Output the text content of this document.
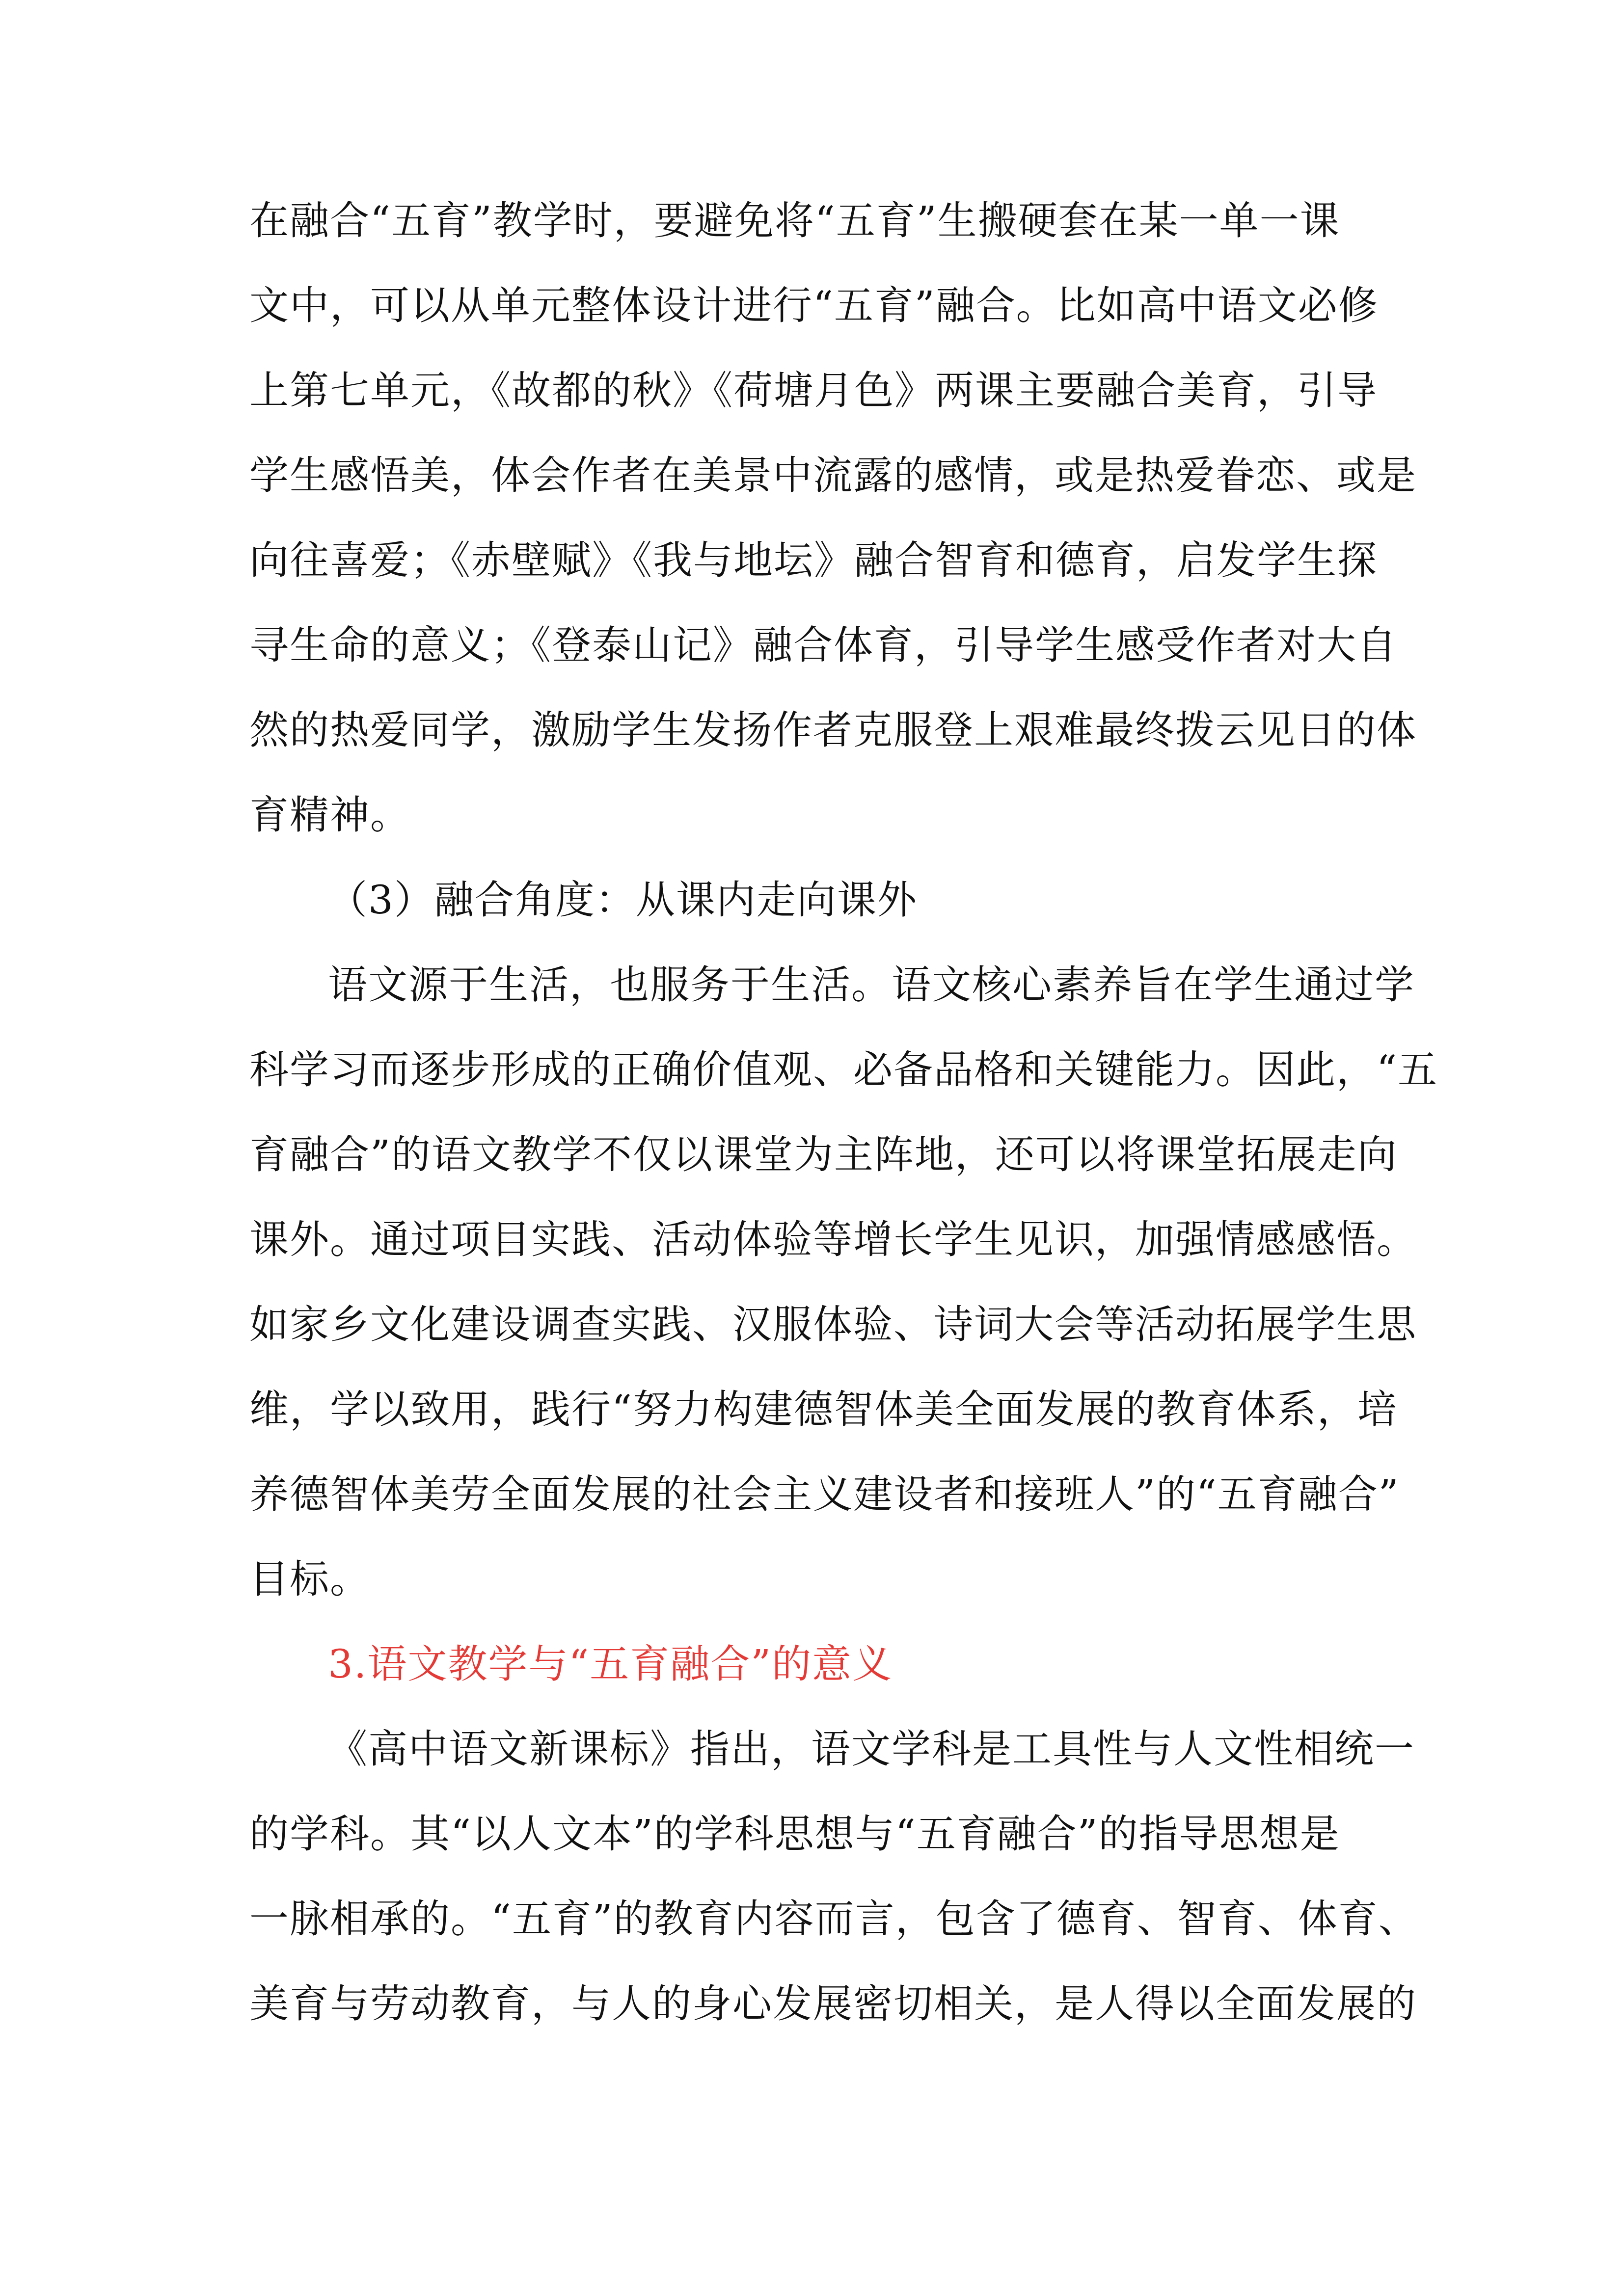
在融合“五育”教学时，要避免将“五育”生搬硬套在某一单一课
文中，可以从单元整体设计进行“五育”融合。比如高中语文必修
上第七单元，《故都的秋》《荷塘月色》两课主要融合美育，引导
学生感悟美，体会作者在美景中流露的感情，或是热爱眷恋、或是
向往喜爱；《赤壁赋》《我与地坛》融合智育和德育，启发学生探
寻生命的意义；《登泰山记》融合体育，引导学生感受作者对大自
然的热爱同学，激励学生发扬作者克服登上艰难最终拨云见日的体
育精神。
（3）融合角度：从课内走向课外
语文源于生活，也服务于生活。语文核心素养旨在学生通过学
科学习而逐步形成的正确价值观、必备品格和关键能力。因此，“五
育融合”的语文教学不仅以课堂为主阵地，还可以将课堂拓展走向
课外。通过项目实践、活动体验等增长学生见识，加强情感感悟。
如家乡文化建设调查实践、汉服体验、诗词大会等活动拓展学生思
维，学以致用，践行“努力构建德智体美全面发展的教育体系，培
养德智体美劳全面发展的社会主义建设者和接班人”的“五育融合”
目标。
3.语文教学与“五育融合”的意义
《高中语文新课标》指出，语文学科是工具性与人文性相统一
的学科。其“以人文本”的学科思想与“五育融合”的指导思想是
一脉相承的。“五育”的教育内容而言，包含了德育、智育、体育、
美育与劳动教育，与人的身心发展密切相关，是人得以全面发展的
